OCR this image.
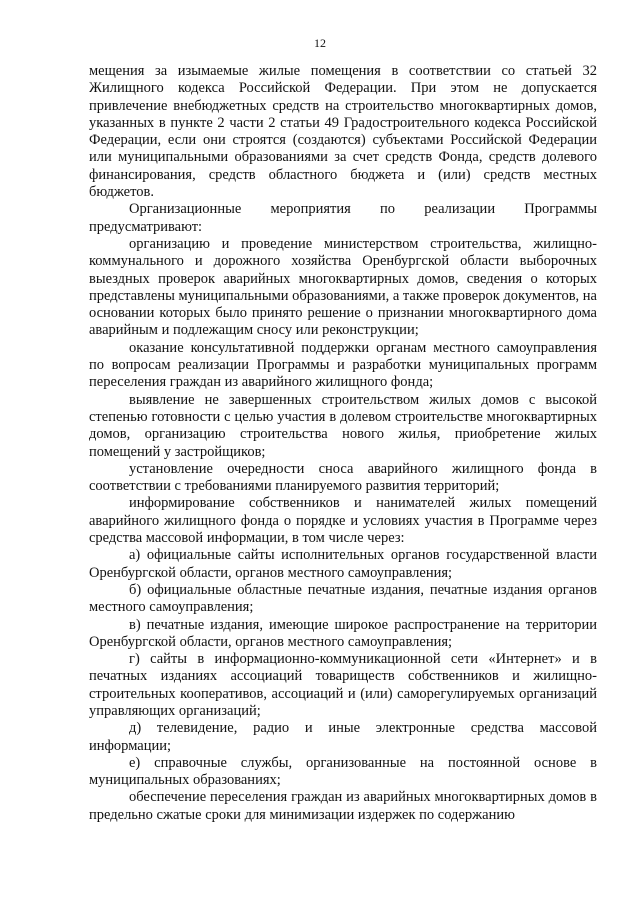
12

мещения за изымаемые жилые помещения в соответствии со статьей 32 Жилищного кодекса Российской Федерации. При этом не допускается привлечение внебюджетных средств на строительство многоквартирных домов, указанных в пункте 2 части 2 статьи 49 Градостроительного кодекса Российской Федерации, если они строятся (создаются) субъектами Российской Федерации или муниципальными образованиями за счет средств Фонда, средств долевого финансирования, средств областного бюджета и (или) средств местных бюджетов.

Организационные мероприятия по реализации Программы предусматривают:

организацию и проведение министерством строительства, жилищно-коммунального и дорожного хозяйства Оренбургской области выборочных выездных проверок аварийных многоквартирных домов, сведения о которых представлены муниципальными образованиями, а также проверок документов, на основании которых было принято решение о признании многоквартирного дома аварийным и подлежащим сносу или реконструкции;

оказание консультативной поддержки органам местного самоуправления по вопросам реализации Программы и разработки муниципальных программ переселения граждан из аварийного жилищного фонда;

выявление не завершенных строительством жилых домов с высокой степенью готовности с целью участия в долевом строительстве многоквартирных домов, организацию строительства нового жилья, приобретение жилых помещений у застройщиков;

установление очередности сноса аварийного жилищного фонда в соответствии с требованиями планируемого развития территорий;

информирование собственников и нанимателей жилых помещений аварийного жилищного фонда о порядке и условиях участия в Программе через средства массовой информации, в том числе через:

а) официальные сайты исполнительных органов государственной власти Оренбургской области, органов местного самоуправления;

б) официальные областные печатные издания, печатные издания органов местного самоуправления;

в) печатные издания, имеющие широкое распространение на территории Оренбургской области, органов местного самоуправления;

г) сайты в информационно-коммуникационной сети «Интернет» и в печатных изданиях ассоциаций товариществ собственников и жилищно-строительных кооперативов, ассоциаций и (или) саморегулируемых организаций управляющих организаций;

д) телевидение, радио и иные электронные средства массовой информации;

е) справочные службы, организованные на постоянной основе в муниципальных образованиях;

обеспечение переселения граждан из аварийных многоквартирных домов в предельно сжатые сроки для минимизации издержек по содержанию
